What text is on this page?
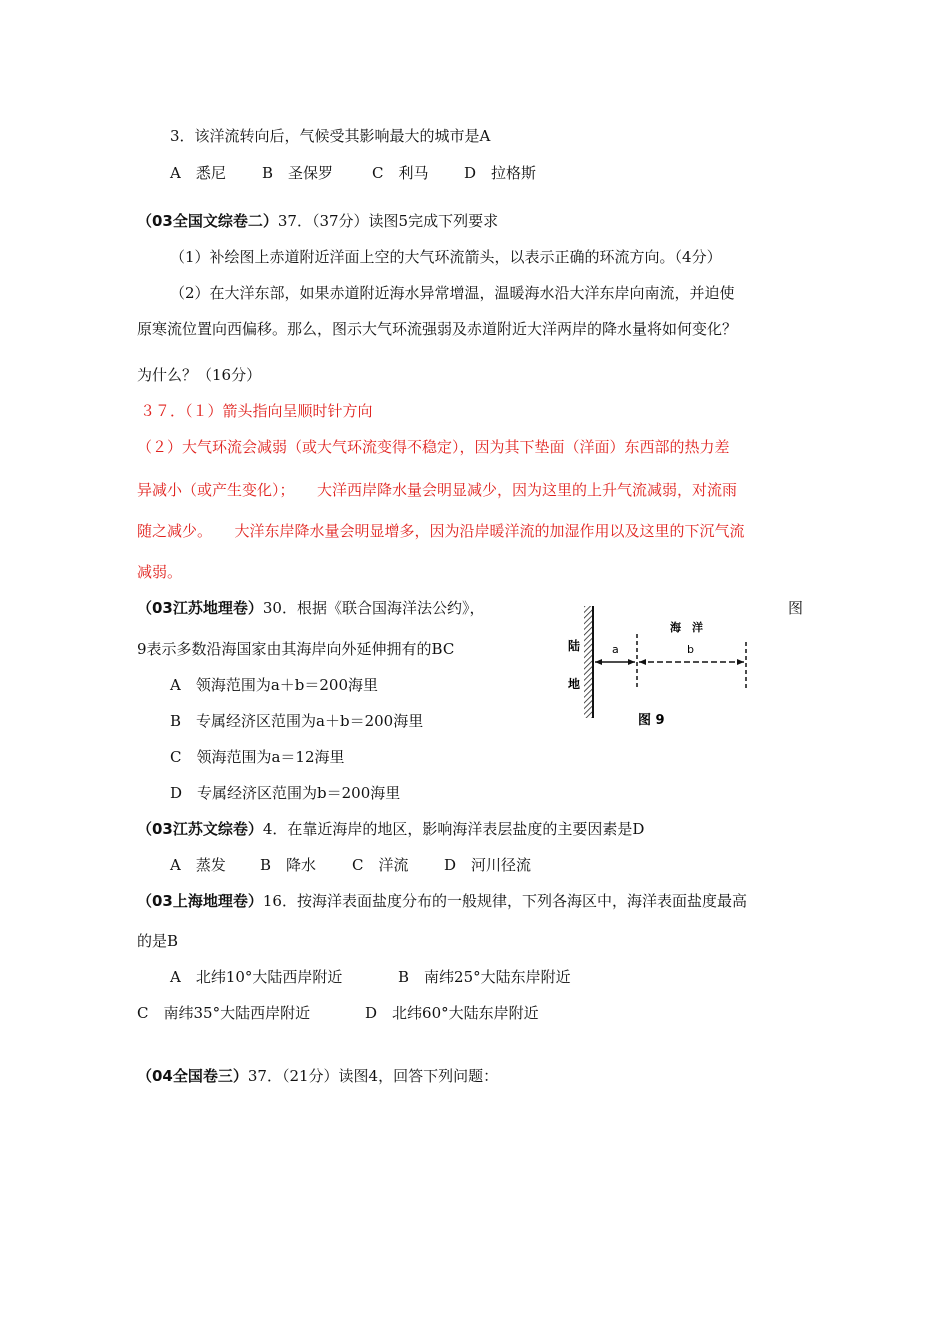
3．该洋流转向后，气候受其影响最大的城市是A
A　悉尼 B　圣保罗	C　利马 D　拉格斯
（03全国文综卷二）37．（37分）读图5完成下列要求
（1）补绘图上赤道附近洋面上空的大气环流箭头，以表示正确的环流方向。（4分）
（2）在大洋东部，如果赤道附近海水异常增温，温暖海水沿大洋东岸向南流，并迫使
原寒流位置向西偏移。那么，图示大气环流强弱及赤道附近大洋两岸的降水量将如何变化？
为什么？（16分）
３７．（１）箭头指向呈顺时针方向
（２）大气环流会减弱（或大气环流变得不稳定），因为其下垫面（洋面）东西部的热力差
异减小（或产生变化）；　　大洋西岸降水量会明显减少，因为这里的上升气流减弱，对流雨
随之减少。　　大洋东岸降水量会明显增多，因为沿岸暖洋流的加湿作用以及这里的下沉气流
减弱。
（03江苏地理卷）30．根据《联合国海洋法公约》，	图
9表示多数沿海国家由其海岸向外延伸拥有的BC
A　领海范围为a＋b＝200海里
B　专属经济区范围为a＋b＝200海里
C　领海范围为a＝12海里
D　专属经济区范围为b＝200海里
陆
地
海　洋
a	b
图 9
（03江苏文综卷）4．在靠近海岸的地区，影响海洋表层盐度的主要因素是D
A　蒸发 B　降水 C　洋流 D　河川径流
（03上海地理卷）16．按海洋表面盐度分布的一般规律，下列各海区中，海洋表面盐度最高
的是B
A　北纬10°大陆西岸附近	B　南纬25°大陆东岸附近
C　南纬35°大陆西岸附近	D　北纬60°大陆东岸附近
（04全国卷三）37．（21分）读图4，回答下列问题：
